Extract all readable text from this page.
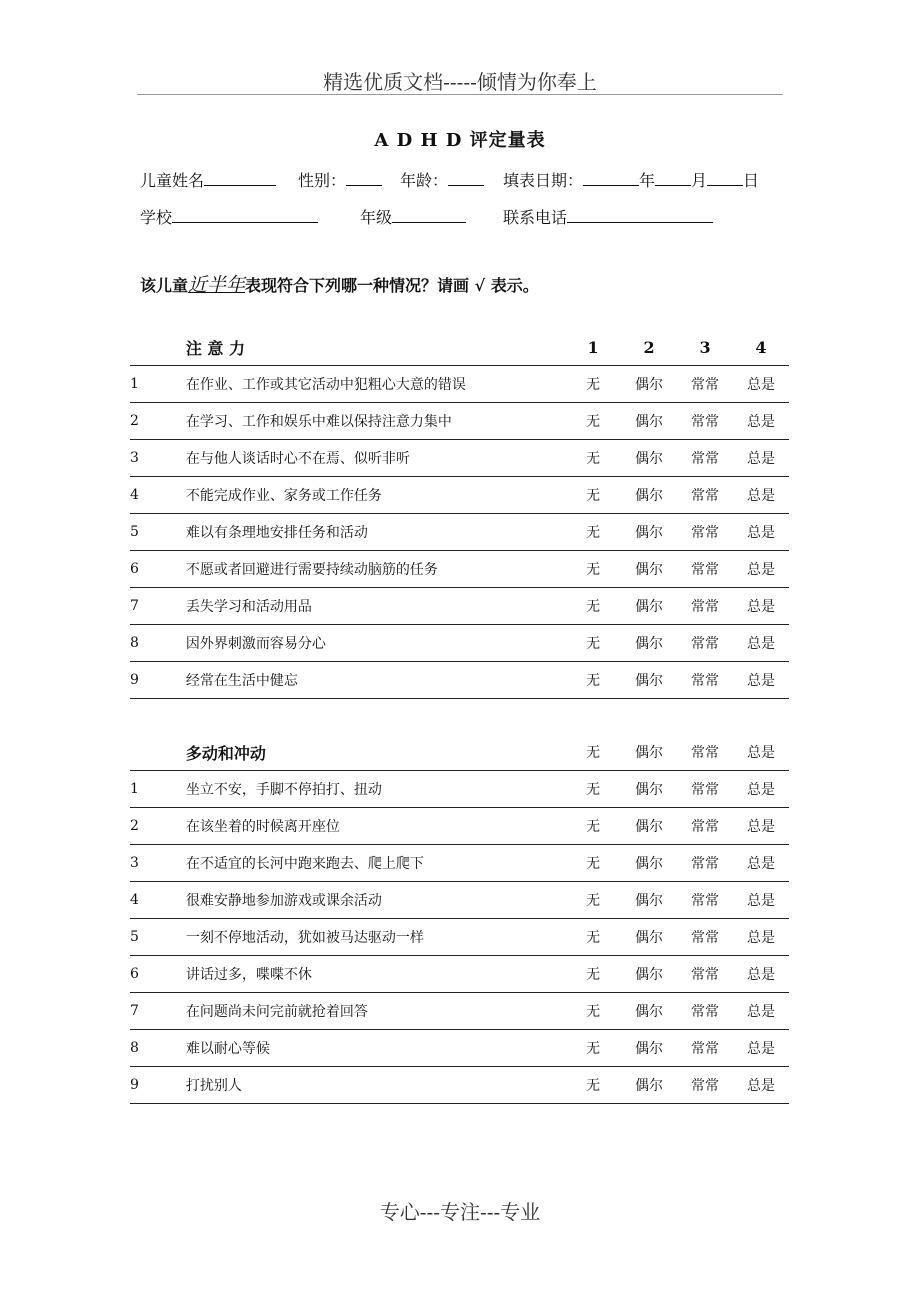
精选优质文档-----倾情为你奉上
A D H D 评定量表
儿童姓名	性别：	年龄：	填表日期：	年 月 日
学校	年级	联系电话
该儿童近半年表现符合下列哪一种情况？请画 √ 表示。
	注 意 力	1	2	3	4
1	在作业、工作或其它活动中犯粗心大意的错误	无	偶尔	常常	总是
2	在学习、工作和娱乐中难以保持注意力集中	无	偶尔	常常	总是
3	在与他人谈话时心不在焉、似听非听	无	偶尔	常常	总是
4	不能完成作业、家务或工作任务	无	偶尔	常常	总是
5	难以有条理地安排任务和活动	无	偶尔	常常	总是
6	不愿或者回避进行需要持续动脑筋的任务	无	偶尔	常常	总是
7	丢失学习和活动用品	无	偶尔	常常	总是
8	因外界刺激而容易分心	无	偶尔	常常	总是
9	经常在生活中健忘	无	偶尔	常常	总是
	多动和冲动	无	偶尔	常常	总是
1	坐立不安，手脚不停拍打、扭动	无	偶尔	常常	总是
2	在该坐着的时候离开座位	无	偶尔	常常	总是
3	在不适宜的长河中跑来跑去、爬上爬下	无	偶尔	常常	总是
4	很难安静地参加游戏或课余活动	无	偶尔	常常	总是
5	一刻不停地活动，犹如被马达驱动一样	无	偶尔	常常	总是
6	讲话过多，喋喋不休	无	偶尔	常常	总是
7	在问题尚未问完前就抢着回答	无	偶尔	常常	总是
8	难以耐心等候	无	偶尔	常常	总是
9	打扰别人	无	偶尔	常常	总是
专心---专注---专业
